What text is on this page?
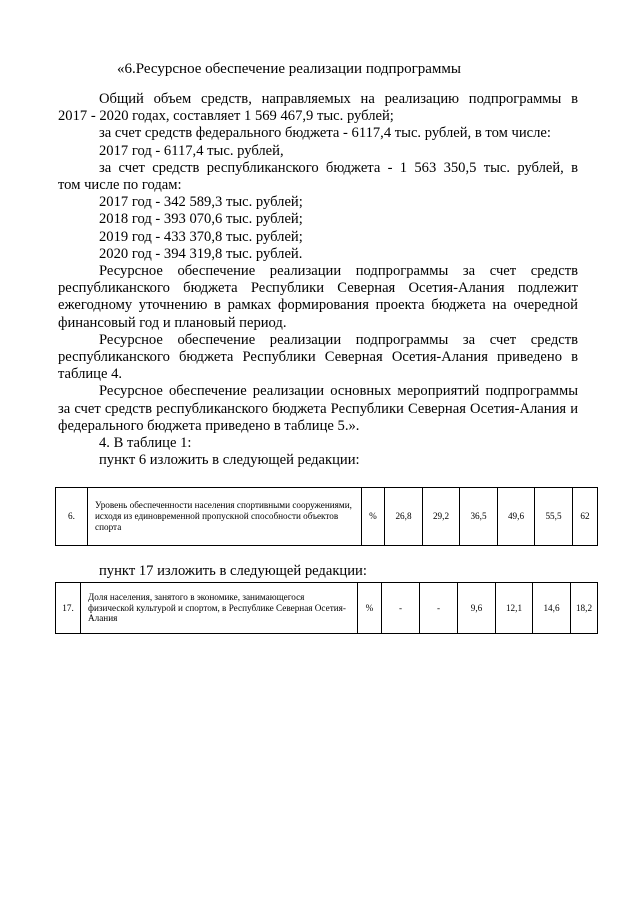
«6.Ресурсное обеспечение реализации подпрограммы

Общий объем средств, направляемых на реализацию подпрограммы в

2017 - 2020 годах, составляет 1 569 467,9 тыс. рублей;

за счет средств федерального бюджета - 6117,4 тыс. рублей, в том числе:

2017 год - 6117,4 тыс. рублей,

за счет средств республиканского бюджета - 1 563 350,5 тыс. рублей, в

том числе по годам:

2017 год - 342 589,3 тыс. рублей;

2018 год - 393 070,6 тыс. рублей;

2019 год - 433 370,8 тыс. рублей;

2020 год - 394 319,8 тыс. рублей.

Ресурсное обеспечение реализации подпрограммы за счет средств республиканского бюджета Республики Северная Осетия-Алания подлежит ежегодному уточнению в рамках формирования проекта бюджета на очередной финансовый год и плановый период.

Ресурсное обеспечение реализации подпрограммы за счет средств республиканского бюджета Республики Северная Осетия-Алания приведено в таблице 4.

Ресурсное обеспечение реализации основных мероприятий подпрограммы за счет средств республиканского бюджета Республики Северная Осетия-Алания и федерального бюджета приведено в таблице 5.».

4. В таблице 1:

пункт 6 изложить в следующей редакции:

6.	Уровень обеспеченности населения спортивными сооружениями, исходя из единовременной пропускной способности объектов спорта	%	26,8	29,2	36,5	49,6	55,5	62
пункт 17 изложить в следующей редакции:
17.	Доля населения, занятого в экономике, занимающегося физической культурой и спортом, в Республике Северная Осетия-Алания	%	-	-	9,6	12,1	14,6	18,2
